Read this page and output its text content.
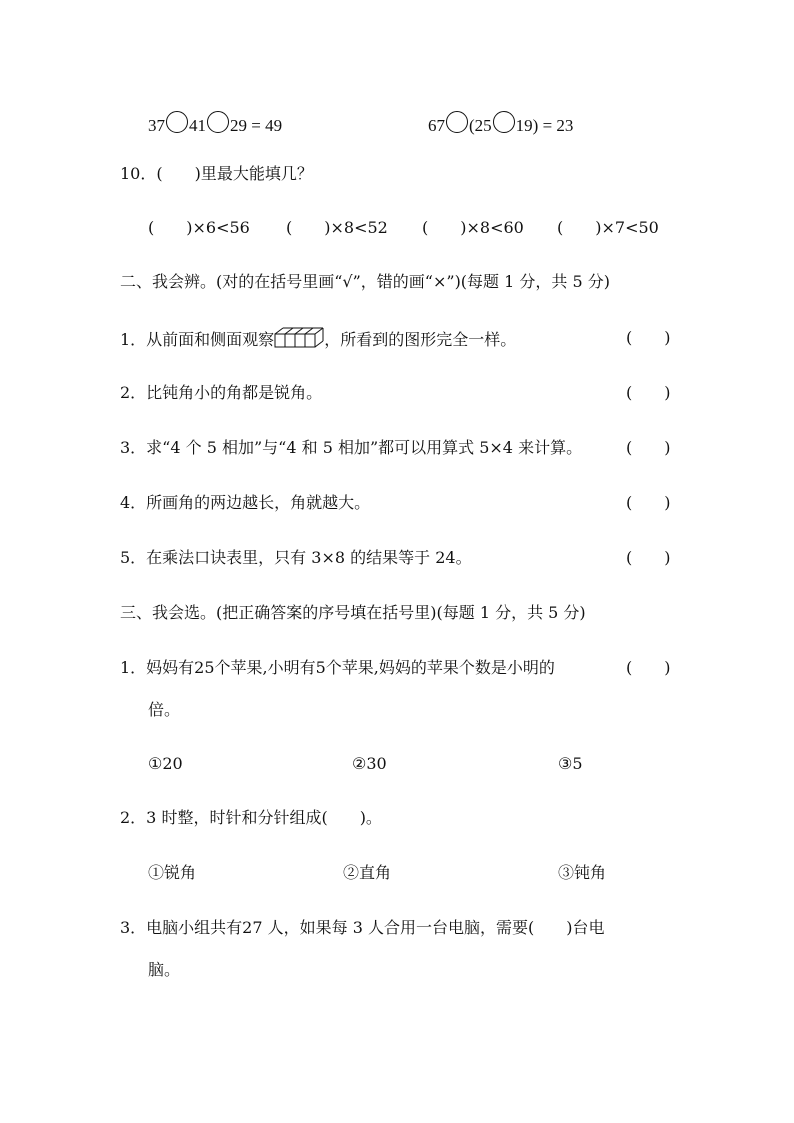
37 41 29 = 49	67 (25 19) = 23
10．(　　)里最大能填几？
(　　)×6<56 (　　)×8<52 (　　)×8<60 (　　)×7<50
二、我会辨。(对的在括号里画“√”，错的画“×”)(每题 1 分，共 5 分)
1．从前面和侧面观察	，所看到的图形完全一样。	(　　)
2．比钝角小的角都是锐角。	(　　)
3．求“4 个 5 相加”与“4 和 5 相加”都可以用算式 5×4 来计算。	(　　)
4．所画角的两边越长，角就越大。	(　　)
5．在乘法口诀表里，只有 3×8 的结果等于 24。	(　　)
三、我会选。(把正确答案的序号填在括号里)(每题 1 分，共 5 分)
1．妈妈有25个苹果,小明有5个苹果,妈妈的苹果个数是小明的	(　　)
倍。
①20	②30	③5
2．3 时整，时针和分针组成(　　)。
①锐角	②直角	③钝角
3．电脑小组共有27 人，如果每 3 人合用一台电脑，需要(　　)台电
脑。
